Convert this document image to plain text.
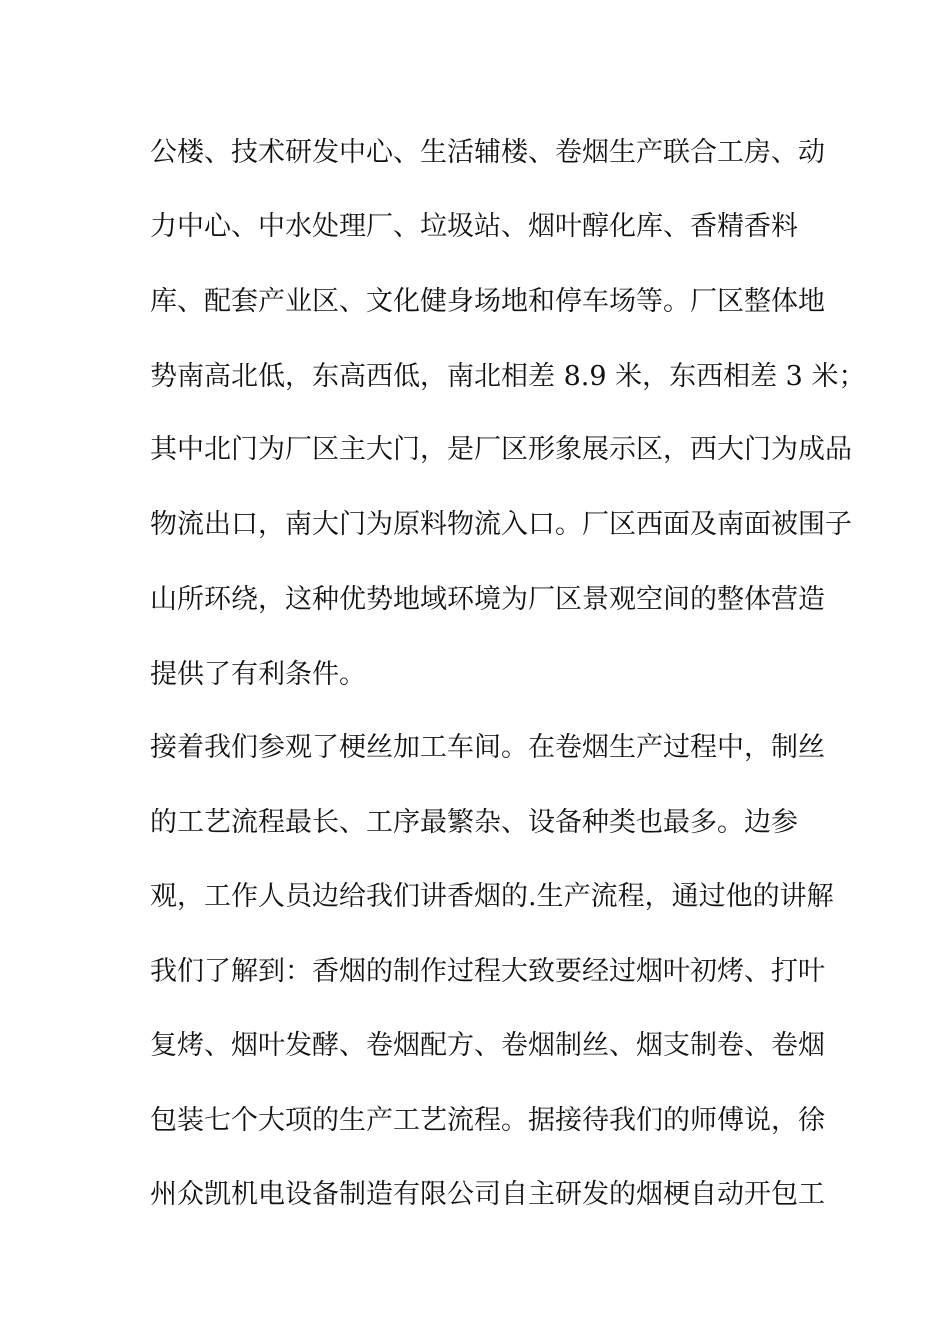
公楼、技术研发中心、生活辅楼、卷烟生产联合工房、动
力中心、中水处理厂、垃圾站、烟叶醇化库、香精香料
库、配套产业区、文化健身场地和停车场等。厂区整体地
势南高北低，东高西低，南北相差 8.9 米，东西相差 3 米；
其中北门为厂区主大门，是厂区形象展示区，西大门为成品
物流出口，南大门为原料物流入口。厂区西面及南面被围子
山所环绕，这种优势地域环境为厂区景观空间的整体营造
提供了有利条件。
接着我们参观了梗丝加工车间。在卷烟生产过程中，制丝
的工艺流程最长、工序最繁杂、设备种类也最多。边参
观，工作人员边给我们讲香烟的.生产流程，通过他的讲解
我们了解到：香烟的制作过程大致要经过烟叶初烤、打叶
复烤、烟叶发酵、卷烟配方、卷烟制丝、烟支制卷、卷烟
包装七个大项的生产工艺流程。据接待我们的师傅说，徐
州众凯机电设备制造有限公司自主研发的烟梗自动开包工
